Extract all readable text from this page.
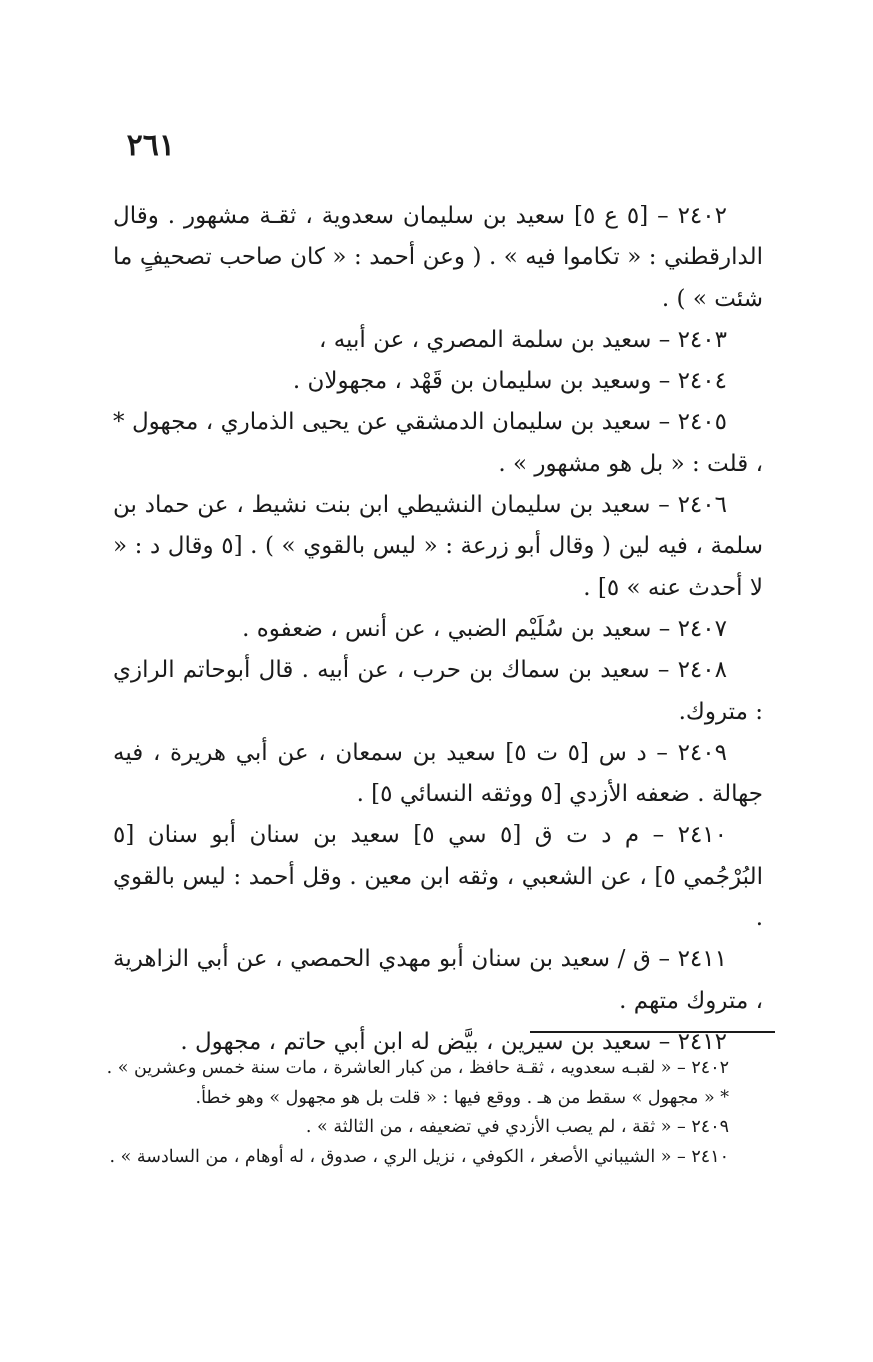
٢٦١

٢٤٠٢ – [٥ ع ٥] سعيد بن سليمان سعدوية ، ثقـة مشهور . وقال الدارقطني : « تكاموا فيه » . ( وعن أحمد : « كان صاحب تصحيفٍ ما شئت » ) .

٢٤٠٣ – سعيد بن سلمة المصري ، عن أبيه ،

٢٤٠٤ – وسعيد بن سليمان بن قَهْد ، مجهولان .

٢٤٠٥ – سعيد بن سليمان الدمشقي عن يحيى الذماري ، مجهول * ، قلت : « بل هو مشهور » .

٢٤٠٦ – سعيد بن سليمان النشيطي ابن بنت نشيط ، عن حماد بن سلمة ، فيه لين ( وقال أبو زرعة : « ليس بالقوي » ) . [٥ وقال د : « لا أحدث عنه » ٥] .

٢٤٠٧ – سعيد بن سُلَيْم الضبي ، عن أنس ، ضعفوه .

٢٤٠٨ – سعيد بن سماك بن حرب ، عن أبيه . قال أبوحاتم الرازي : متروك.

٢٤٠٩ – د س [٥ ت ٥] سعيد بن سمعان ، عن أبي هريرة ، فيه جهالة . ضعفه الأزدي [٥ ووثقه النسائي ٥] .

٢٤١٠ – م د ت ق [٥ سي ٥] سعيد بن سنان أبو سنان [٥ البُرْجُمي ٥] ، عن الشعبي ، وثقه ابن معين . وقل أحمد : ليس بالقوي .

٢٤١١ – ق / سعيد بن سنان أبو مهدي الحمصي ، عن أبي الزاهرية ، متروك متهم .

٢٤١٢ – سعيد بن سيرين ، بيَّض له ابن أبي حاتم ، مجهول .

٢٤٠٢ – « لقبـه سعدويه ، ثقـة حافظ ، من كبار العاشرة ، مات سنة خمس وعشرين » .

* « مجهول » سقط من هـ . ووقع فيها : « قلت بل هو مجهول » وهو خطأ.

٢٤٠٩ – « ثقة ، لم يصب الأزدي في تضعيفه ، من الثالثة » .

٢٤١٠ – « الشيباني الأصغر ، الكوفي ، نزيل الري ، صدوق ، له أوهام ، من السادسة » .
